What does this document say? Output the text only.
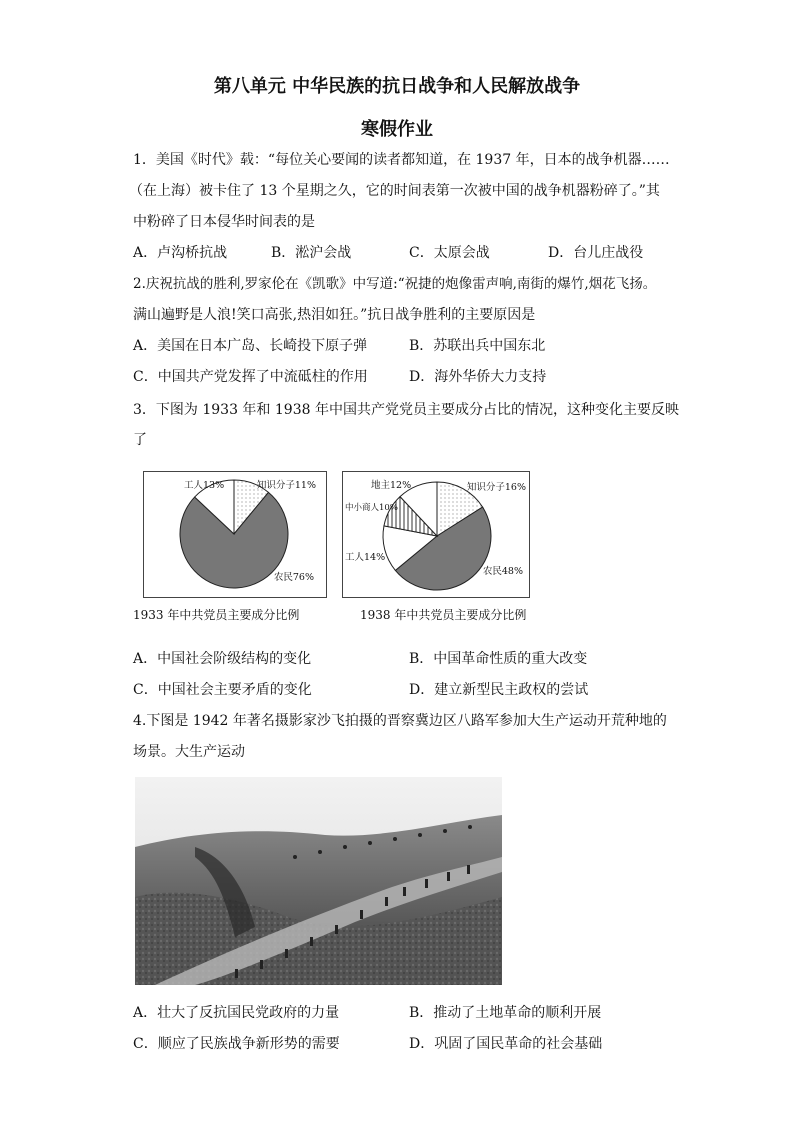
第八单元 中华民族的抗日战争和人民解放战争
寒假作业
1．美国《时代》载：“每位关心要闻的读者都知道，在 1937 年，日本的战争机器……
（在上海）被卡住了 13 个星期之久，它的时间表第一次被中国的战争机器粉碎了。”其
中粉碎了日本侵华时间表的是
A．卢沟桥抗战	B．淞沪会战	C．太原会战	D．台儿庄战役
2.庆祝抗战的胜利,罗家伦在《凯歌》中写道:“祝捷的炮像雷声响,南街的爆竹,烟花飞扬。
满山遍野是人浪!笑口高张,热泪如狂。”抗日战争胜利的主要原因是
A．美国在日本广岛、长崎投下原子弹	B．苏联出兵中国东北
C．中国共产党发挥了中流砥柱的作用	D．海外华侨大力支持
3．下图为 1933 年和 1938 年中国共产党党员主要成分占比的情况，这种变化主要反映
了
工人13%	知识分子11%
农民76%
1933 年中共党员主要成分比例
地主12%	知识分子16%
农民48%
工人14%
中小商人10%
1938 年中共党员主要成分比例
A．中国社会阶级结构的变化	B．中国革命性质的重大改变
C．中国社会主要矛盾的变化	D．建立新型民主政权的尝试
4.下图是 1942 年著名摄影家沙飞拍摄的晋察冀边区八路军参加大生产运动开荒种地的
场景。大生产运动
A．壮大了反抗国民党政府的力量	B．推动了土地革命的顺利开展
C．顺应了民族战争新形势的需要	D．巩固了国民革命的社会基础
